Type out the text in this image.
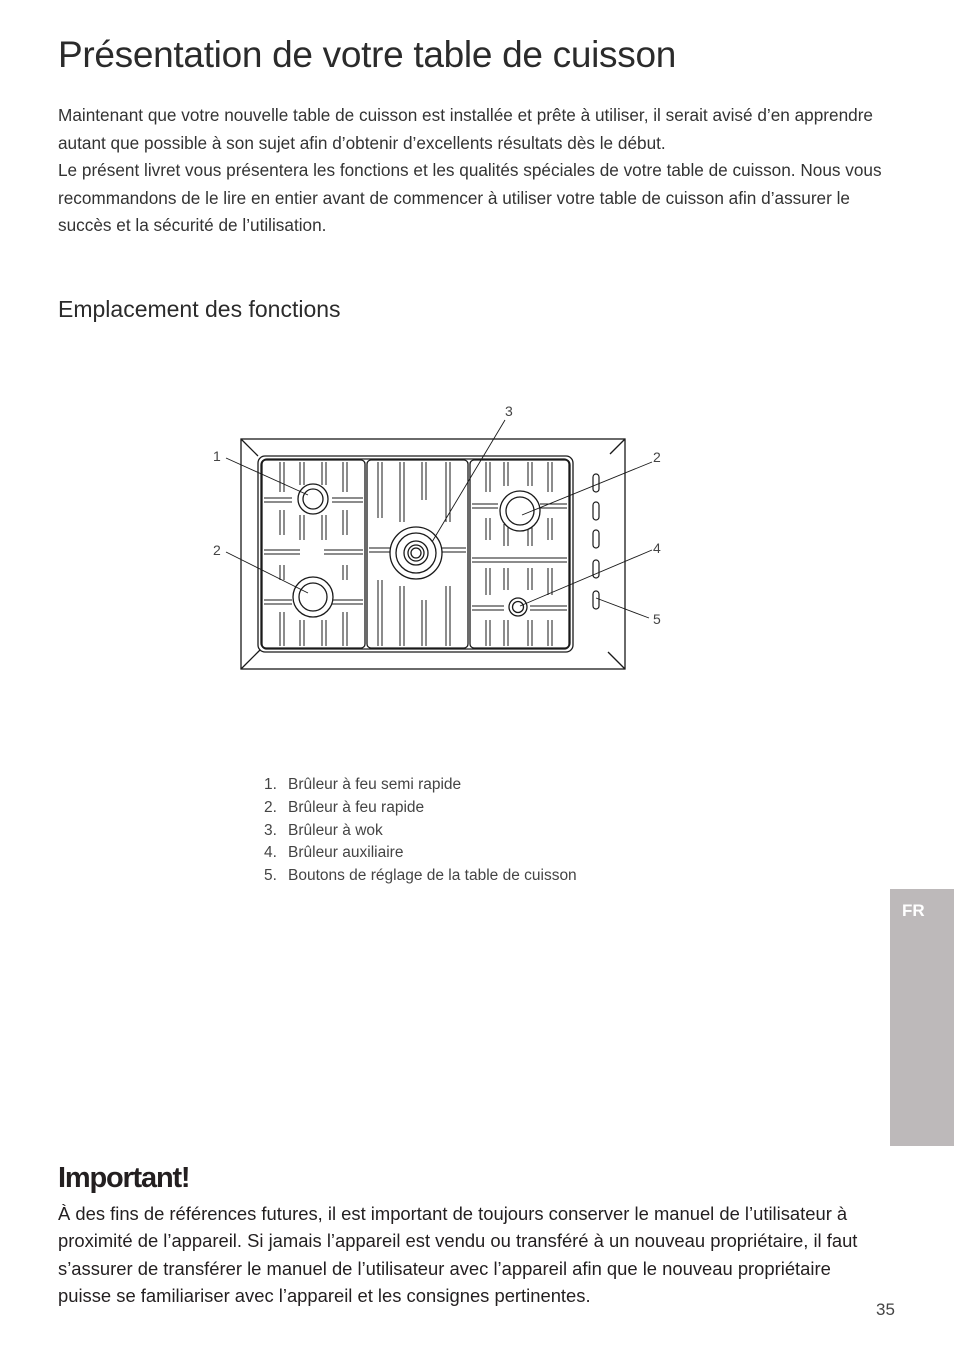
Présentation de votre table de cuisson

Maintenant que votre nouvelle table de cuisson est installée et prête à utiliser, il serait avisé d’en apprendre autant que possible à son sujet afin d’obtenir d’excellents résultats dès le début.

Le présent livret vous présentera les fonctions et les qualités spéciales de votre table de cuisson. Nous vous recommandons de le lire en entier avant de commencer à utiliser votre table de cuisson afin d’assurer le succès et la sécurité de l’utilisation.

Emplacement des fonctions
1
2
3
2
4
5
1. Brûleur à feu semi rapide
2. Brûleur à feu rapide
3. Brûleur à wok
4. Brûleur auxiliaire
5. Boutons de réglage de la table de cuisson
FR
Important!

À des fins de références futures, il est important de toujours conserver le manuel de l’utilisateur à proximité de l’appareil. Si jamais l’appareil est vendu ou transféré à un nouveau propriétaire, il faut s’assurer de transférer le manuel de l’utilisateur avec l’appareil afin que le nouveau propriétaire puisse se familiariser avec l’appareil et les consignes pertinentes.

35
